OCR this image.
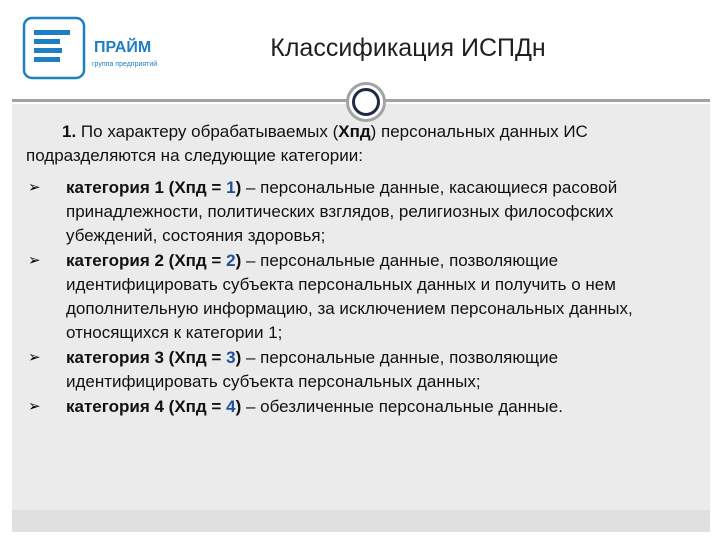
ПРАЙМ
группа предприятий
Классификация ИСПДн
1. По характеру обрабатываемых (Хпд) персональных данных ИС подразделяются на следующие категории:
➢ категория 1 (Хпд = 1) – персональные данные, касающиеся расовой принадлежности, политических взглядов, религиозных философских убеждений, состояния здоровья;
➢ категория 2 (Хпд = 2) – персональные данные, позволяющие идентифицировать субъекта персональных данных и получить о нем дополнительную информацию, за исключением персональных данных, относящихся к категории 1;
➢ категория 3 (Хпд = 3) – персональные данные, позволяющие идентифицировать субъекта персональных данных;
➢ категория 4 (Хпд = 4) – обезличенные персональные данные.
